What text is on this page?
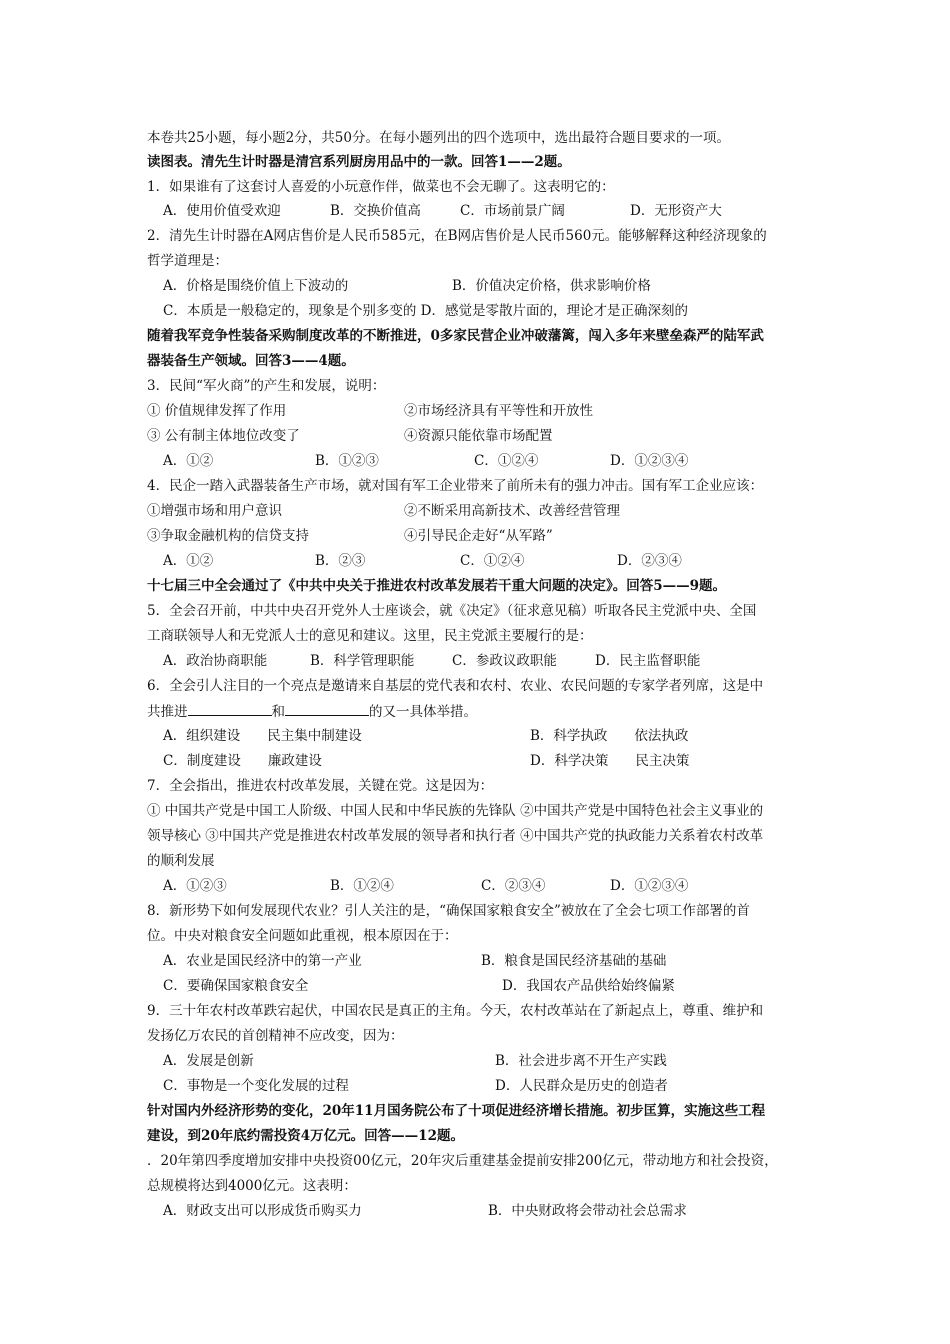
本卷共25小题，每小题2分，共50分。在每小题列出的四个选项中，选出最符合题目要求的一项。
读图表。清先生计时器是清宫系列厨房用品中的一款。回答1——2题。
1．如果谁有了这套讨人喜爱的小玩意作伴，做菜也不会无聊了。这表明它的：
A．使用价值受欢迎	B．交换价值高	C．市场前景广阔	D．无形资产大
2．清先生计时器在A网店售价是人民币585元，在B网店售价是人民币560元。能够解释这种经济现象的
哲学道理是：
A．价格是围绕价值上下波动的	B．价值决定价格，供求影响价格
C．本质是一般稳定的，现象是个别多变的 D．感觉是零散片面的，理论才是正确深刻的
随着我军竞争性装备采购制度改革的不断推进，0多家民营企业冲破藩篱，闯入多年来壁垒森严的陆军武
器装备生产领域。回答3——4题。
3．民间“军火商”的产生和发展，说明：
① 价值规律发挥了作用	②市场经济具有平等性和开放性
③ 公有制主体地位改变了	④资源只能依靠市场配置
A．①②	B．①②③	C．①②④	D．①②③④
4．民企一踏入武器装备生产市场，就对国有军工企业带来了前所未有的强力冲击。国有军工企业应该：
①增强市场和用户意识	②不断采用高新技术、改善经营管理
③争取金融机构的信贷支持	④引导民企走好“从军路”
A．①②	B．②③	C．①②④	D．②③④
十七届三中全会通过了《中共中央关于推进农村改革发展若干重大问题的决定》。回答5——9题。
5．全会召开前，中共中央召开党外人士座谈会，就《决定》（征求意见稿）听取各民主党派中央、全国
工商联领导人和无党派人士的意见和建议。这里，民主党派主要履行的是：
A．政治协商职能	B．科学管理职能	C．参政议政职能	D．民主监督职能
6．全会引人注目的一个亮点是邀请来自基层的党代表和农村、农业、农民问题的专家学者列席，这是中
共推进	和	的又一具体举措。
A．组织建设　　民主集中制建设	B．科学执政　　依法执政
C．制度建设　　廉政建设	D．科学决策　　民主决策
7．全会指出，推进农村改革发展，关键在党。这是因为：
① 中国共产党是中国工人阶级、中国人民和中华民族的先锋队 ②中国共产党是中国特色社会主义事业的
领导核心 ③中国共产党是推进农村改革发展的领导者和执行者 ④中国共产党的执政能力关系着农村改革
的顺利发展
A．①②③	B．①②④	C．②③④	D．①②③④
8．新形势下如何发展现代农业？引人关注的是，“确保国家粮食安全”被放在了全会七项工作部署的首
位。中央对粮食安全问题如此重视，根本原因在于：
A．农业是国民经济中的第一产业	B．粮食是国民经济基础的基础
C．要确保国家粮食安全	D．我国农产品供给始终偏紧
9．三十年农村改革跌宕起伏，中国农民是真正的主角。今天，农村改革站在了新起点上，尊重、维护和
发扬亿万农民的首创精神不应改变，因为：
A．发展是创新	B．社会进步离不开生产实践
C．事物是一个变化发展的过程	D．人民群众是历史的创造者
针对国内外经济形势的变化，20年11月国务院公布了十项促进经济增长措施。初步匡算，实施这些工程
建设，到20年底约需投资4万亿元。回答——12题。
．20年第四季度增加安排中央投资00亿元，20年灾后重建基金提前安排200亿元，带动地方和社会投资，
总规模将达到4000亿元。这表明：
A．财政支出可以形成货币购买力	B．中央财政将会带动社会总需求
